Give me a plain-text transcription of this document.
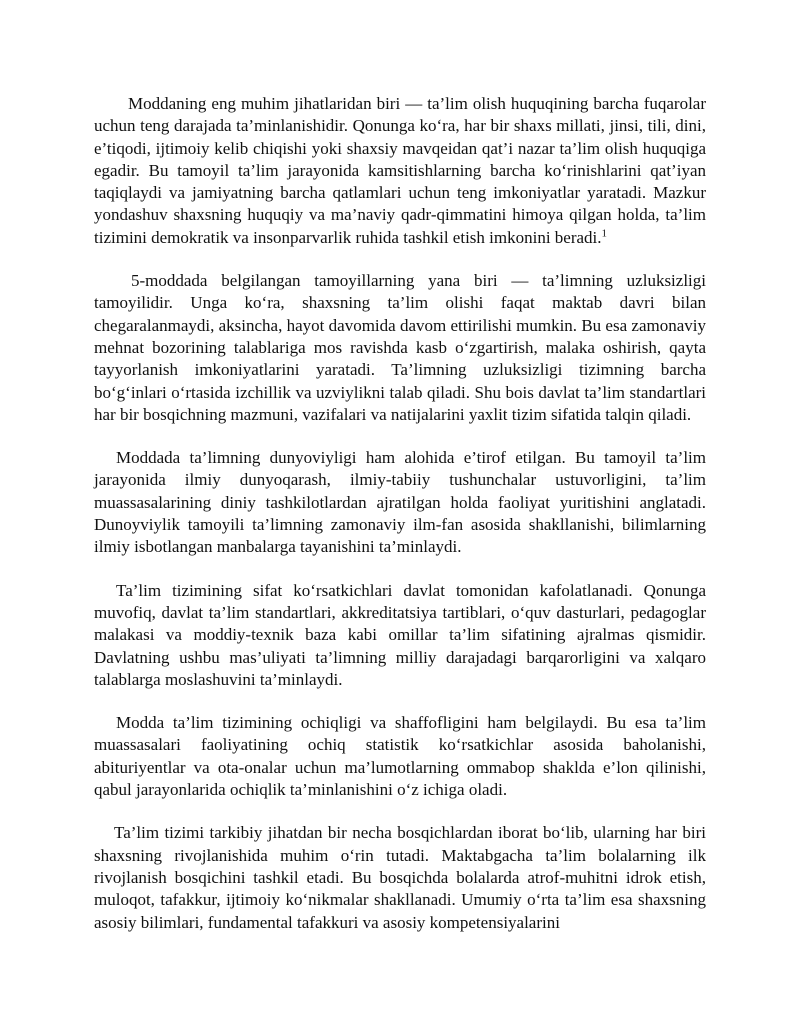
Moddaning eng muhim jihatlaridan biri — ta’lim olish huquqining barcha fuqarolar uchun teng darajada ta’minlanishidir. Qonunga ko‘ra, har bir shaxs millati, jinsi, tili, dini, e’tiqodi, ijtimoiy kelib chiqishi yoki shaxsiy mavqeidan qat’i nazar ta’lim olish huquqiga egadir. Bu tamoyil ta’lim jarayonida kamsitishlarning barcha ko‘rinishlarini qat’iyan taqiqlaydi va jamiyatning barcha qatlamlari uchun teng imkoniyatlar yaratadi. Mazkur yondashuv shaxsning huquqiy va ma’naviy qadr-qimmatini himoya qilgan holda, ta’lim tizimini demokratik va insonparvarlik ruhida tashkil etish imkonini beradi.$^1$

5-moddada belgilangan tamoyillarning yana biri — ta’limning uzluksizligi tamoyilidir. Unga ko‘ra, shaxsning ta’lim olishi faqat maktab davri bilan chegaralanmaydi, aksincha, hayot davomida davom ettirilishi mumkin. Bu esa zamonaviy mehnat bozorining talablariga mos ravishda kasb o‘zgartirish, malaka oshirish, qayta tayyorlanish imkoniyatlarini yaratadi. Ta’limning uzluksizligi tizimning barcha bo‘g‘inlari o‘rtasida izchillik va uzviylikni talab qiladi. Shu bois davlat ta’lim standartlari har bir bosqichning mazmuni, vazifalari va natijalarini yaxlit tizim sifatida talqin qiladi.

Moddada ta’limning dunyoviyligi ham alohida e’tirof etilgan. Bu tamoyil ta’lim jarayonida ilmiy dunyoqarash, ilmiy-tabiiy tushunchalar ustuvorligini, ta’lim muassasalarining diniy tashkilotlardan ajratilgan holda faoliyat yuritishini anglatadi. Dunoyviylik tamoyili ta’limning zamonaviy ilm-fan asosida shakllanishi, bilimlarning ilmiy isbotlangan manbalarga tayanishini ta’minlaydi.

Ta’lim tizimining sifat ko‘rsatkichlari davlat tomonidan kafolatlanadi. Qonunga muvofiq, davlat ta’lim standartlari, akkreditatsiya tartiblari, o‘quv dasturlari, pedagoglar malakasi va moddiy-texnik baza kabi omillar ta’lim sifatining ajralmas qismidir. Davlatning ushbu mas’uliyati ta’limning milliy darajadagi barqarorligini va xalqaro talablarga moslashuvini ta’minlaydi.

Modda ta’lim tizimining ochiqligi va shaffofligini ham belgilaydi. Bu esa ta’lim muassasalari faoliyatining ochiq statistik ko‘rsatkichlar asosida baholanishi, abituriyentlar va ota-onalar uchun ma’lumotlarning ommabop shaklda e’lon qilinishi, qabul jarayonlarida ochiqlik ta’minlanishini o‘z ichiga oladi.

Ta’lim tizimi tarkibiy jihatdan bir necha bosqichlardan iborat bo‘lib, ularning har biri shaxsning rivojlanishida muhim o‘rin tutadi. Maktabgacha ta’lim bolalarning ilk rivojlanish bosqichini tashkil etadi. Bu bosqichda bolalarda atrof-muhitni idrok etish, muloqot, tafakkur, ijtimoiy ko‘nikmalar shakllanadi. Umumiy o‘rta ta’lim esa shaxsning asosiy bilimlari, fundamental tafakkuri va asosiy kompetensiyalarini
